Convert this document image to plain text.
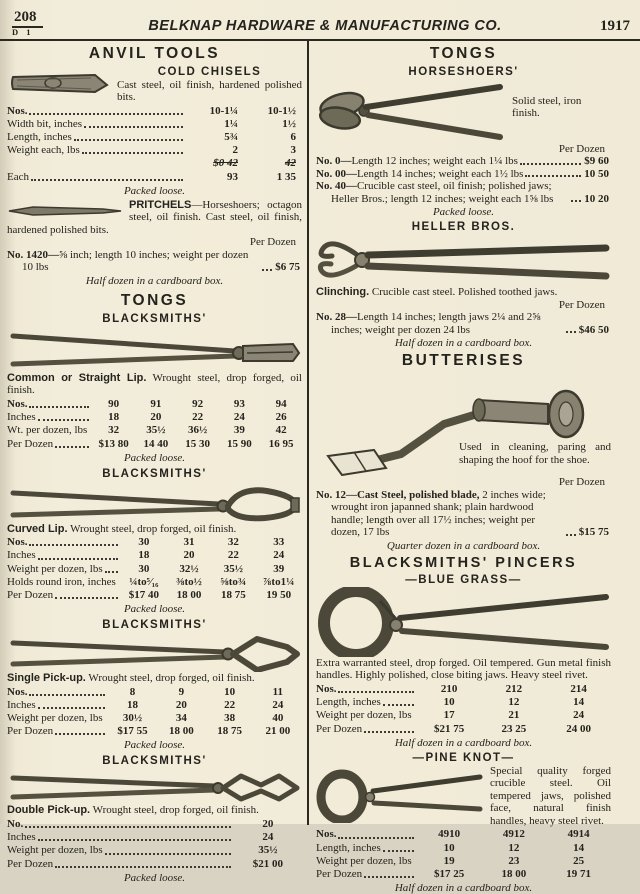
208
D 1	BELKNAP HARDWARE & MANUFACTURING CO.	1917
ANVIL TOOLS
COLD CHISELS

Cast steel, oil finish, hardened polished bits.

Nos.	10-1¼	10-1½

Width bit, inches	1¼	1½

Length, inches	5¾	6

Weight each, lbs	2	3

	$0 42	42

Each	93	1 35
Packed loose.

PRITCHELS—Horseshoers; octagon steel, oil finish. Cast steel, oil finish, hardened polished bits.

Per Dozen

No. 1420—⅝ inch; length 10 inches; weight per dozen 10 lbs	$6 75
Half dozen in a cardboard box.
TONGS
BLACKSMITHS'

Common or Straight Lip. Wrought steel, drop forged, oil finish.

Nos.	90	91	92	93	94

Inches	18	20	22	24	26

Wt. per dozen, lbs	32	35½	36½	39	42

Per Dozen	$13 80	14 40	15 30	15 90	16 95
Packed loose.
BLACKSMITHS'

Curved Lip. Wrought steel, drop forged, oil finish.

Nos.	30	31	32	33

Inches	18	20	22	24

Weight per dozen, lbs	30	32½	35½	39

Holds round iron, inches	¼to⁵⁄₁₆	⅜to½	⅝to¾	⅞to1¼

Per Dozen	$17 40	18 00	18 75	19 50
Packed loose.
BLACKSMITHS'

Single Pick-up. Wrought steel, drop forged, oil finish.

Nos.	8	9	10	11

Inches	18	20	22	24

Weight per dozen, lbs	30½	34	38	40

Per Dozen	$17 55	18 00	18 75	21 00
Packed loose.
BLACKSMITHS'

Double Pick-up. Wrought steel, drop forged, oil finish.

No.	20

Inches	24

Weight per dozen, lbs	35½

Per Dozen	$21 00
Packed loose.
TONGS
HORSESHOERS'

Solid steel, iron finish.

Per Dozen

No. 0—Length 12 inches; weight each 1¼ lbs	$9 60
No. 00—Length 14 inches; weight each 1½ lbs	10 50
No. 40—Crucible cast steel, oil finish; polished jaws; Heller Bros.; length 12 inches; weight each 1⅝ lbs	10 20
Packed loose.
HELLER BROS.

Clinching. Crucible cast steel. Polished toothed jaws.

Per Dozen

No. 28—Length 14 inches; length jaws 2¼ and 2⅝ inches; weight per dozen 24 lbs	$46 50
Half dozen in a cardboard box.
BUTTERISES

Used in cleaning, paring and shaping the hoof for the shoe.

Per Dozen

No. 12—Cast Steel, polished blade, 2 inches wide; wrought iron japanned shank; plain hardwood handle; length over all 17½ inches; weight per dozen, 17 lbs	$15 75
Quarter dozen in a cardboard box.
BLACKSMITHS' PINCERS
—BLUE GRASS—

Extra warranted steel, drop forged. Oil tempered. Gun metal finish handles. Highly polished, close biting jaws. Heavy steel rivet.

Nos.	210	212	214

Length, inches	10	12	14

Weight per dozen, lbs	17	21	24

Per Dozen	$21 75	23 25	24 00
Half dozen in a cardboard box.
—PINE KNOT—

Special quality forged crucible steel. Oil tempered jaws, polished face, natural finish handles, heavy steel rivet.

Nos.	4910	4912	4914

Length, inches	10	12	14

Weight per dozen, lbs	19	23	25

Per Dozen	$17 25	18 00	19 71
Half dozen in a cardboard box.
